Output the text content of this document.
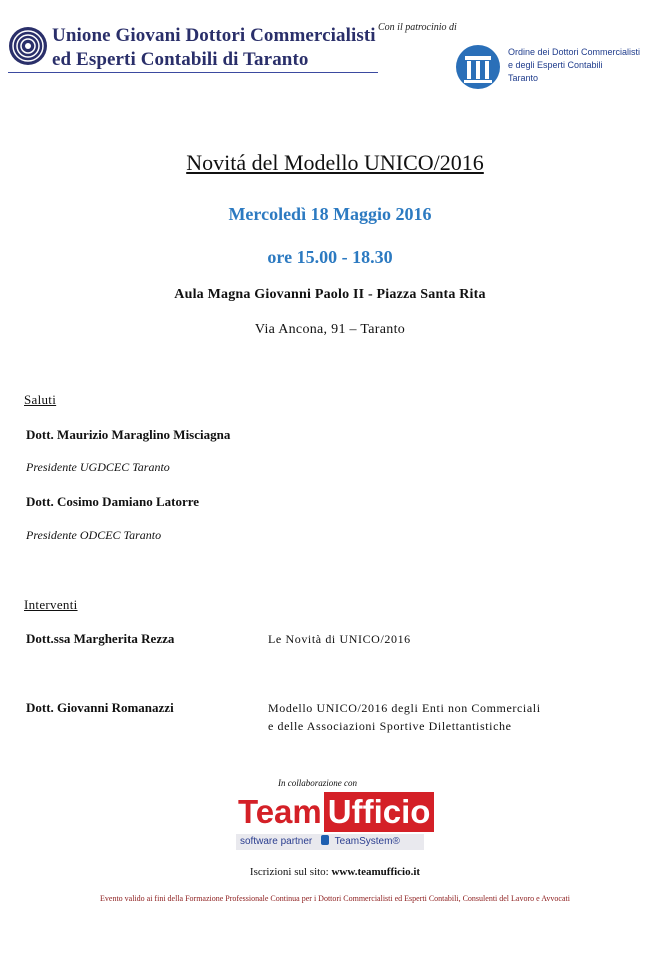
Unione Giovani Dottori Commercialisti
ed Esperti Contabili di Taranto
Con il patrocinio di
Ordine dei Dottori Commercialisti
e degli Esperti Contabili
Taranto
Novitá del Modello UNICO/2016
Mercoledì 18 Maggio 2016
ore 15.00 - 18.30
Aula Magna Giovanni Paolo II - Piazza Santa Rita
Via Ancona, 91 – Taranto
Saluti
Dott. Maurizio Maraglino Misciagna
Presidente UGDCEC Taranto
Dott. Cosimo Damiano Latorre
Presidente ODCEC Taranto
Interventi
Dott.ssa Margherita Rezza	Le Novità di UNICO/2016
Dott. Giovanni Romanazzi	Modello UNICO/2016 degli Enti non Commerciali
e delle Associazioni Sportive Dilettantistiche
In collaborazione con
Team Ufficio
software partner TeamSystem®
Iscrizioni sul sito: www.teamufficio.it
Evento valido ai fini della Formazione Professionale Continua per i Dottori Commercialisti ed Esperti Contabili, Consulenti del Lavoro e Avvocati
